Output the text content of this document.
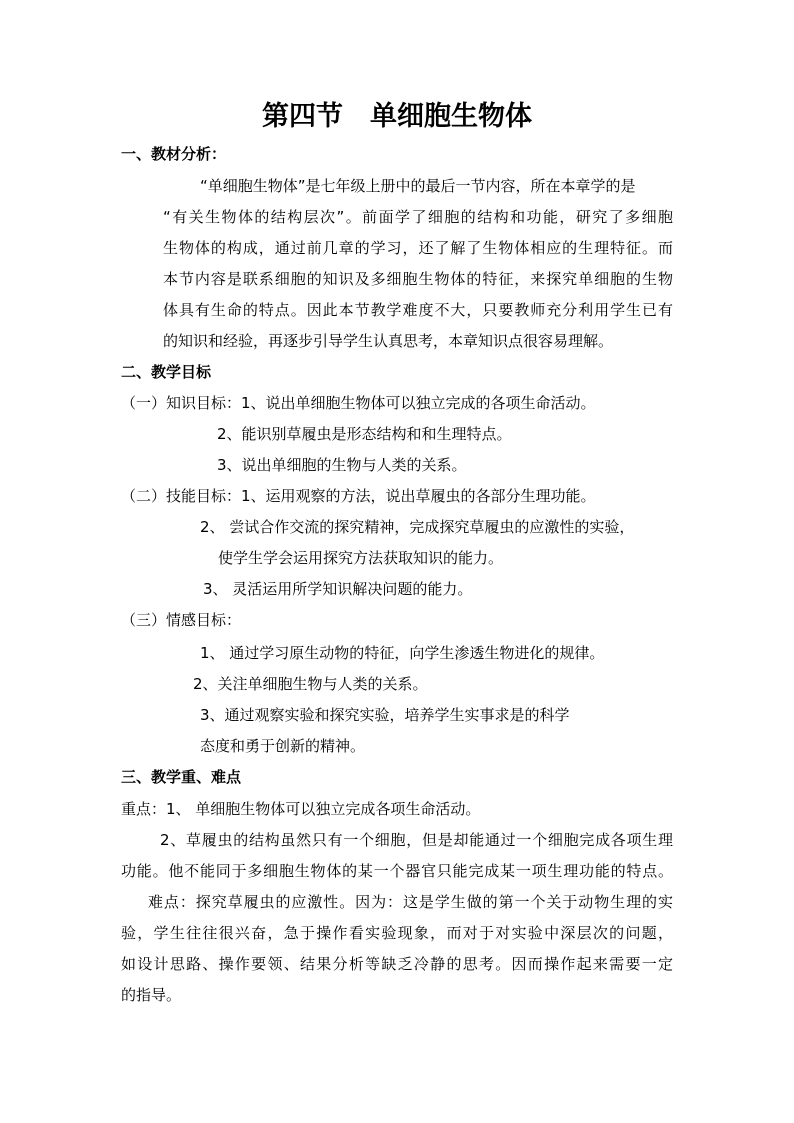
第四节　单细胞生物体
一、教材分析：
“单细胞生物体”是七年级上册中的最后一节内容，所在本章学的是
“有关生物体的结构层次”。前面学了细胞的结构和功能，研究了多细胞
生物体的构成，通过前几章的学习，还了解了生物体相应的生理特征。而
本节内容是联系细胞的知识及多细胞生物体的特征，来探究单细胞的生物
体具有生命的特点。因此本节教学难度不大，只要教师充分利用学生已有
的知识和经验，再逐步引导学生认真思考，本章知识点很容易理解。
二、教学目标
（一）知识目标：1、说出单细胞生物体可以独立完成的各项生命活动。
2、能识别草履虫是形态结构和和生理特点。
3、说出单细胞的生物与人类的关系。
（二）技能目标：1、运用观察的方法，说出草履虫的各部分生理功能。
2、 尝试合作交流的探究精神，完成探究草履虫的应激性的实验，
使学生学会运用探究方法获取知识的能力。
3、 灵活运用所学知识解决问题的能力。
（三）情感目标：
1、 通过学习原生动物的特征，向学生渗透生物进化的规律。
2、关注单细胞生物与人类的关系。
3、通过观察实验和探究实验，培养学生实事求是的科学
态度和勇于创新的精神。
三、教学重、难点
重点：1、 单细胞生物体可以独立完成各项生命活动。
2、草履虫的结构虽然只有一个细胞，但是却能通过一个细胞完成各项生理
功能。他不能同于多细胞生物体的某一个器官只能完成某一项生理功能的特点。
难点：探究草履虫的应激性。因为：这是学生做的第一个关于动物生理的实
验，学生往往很兴奋，急于操作看实验现象，而对于对实验中深层次的问题，
如设计思路、操作要领、结果分析等缺乏冷静的思考。因而操作起来需要一定
的指导。
